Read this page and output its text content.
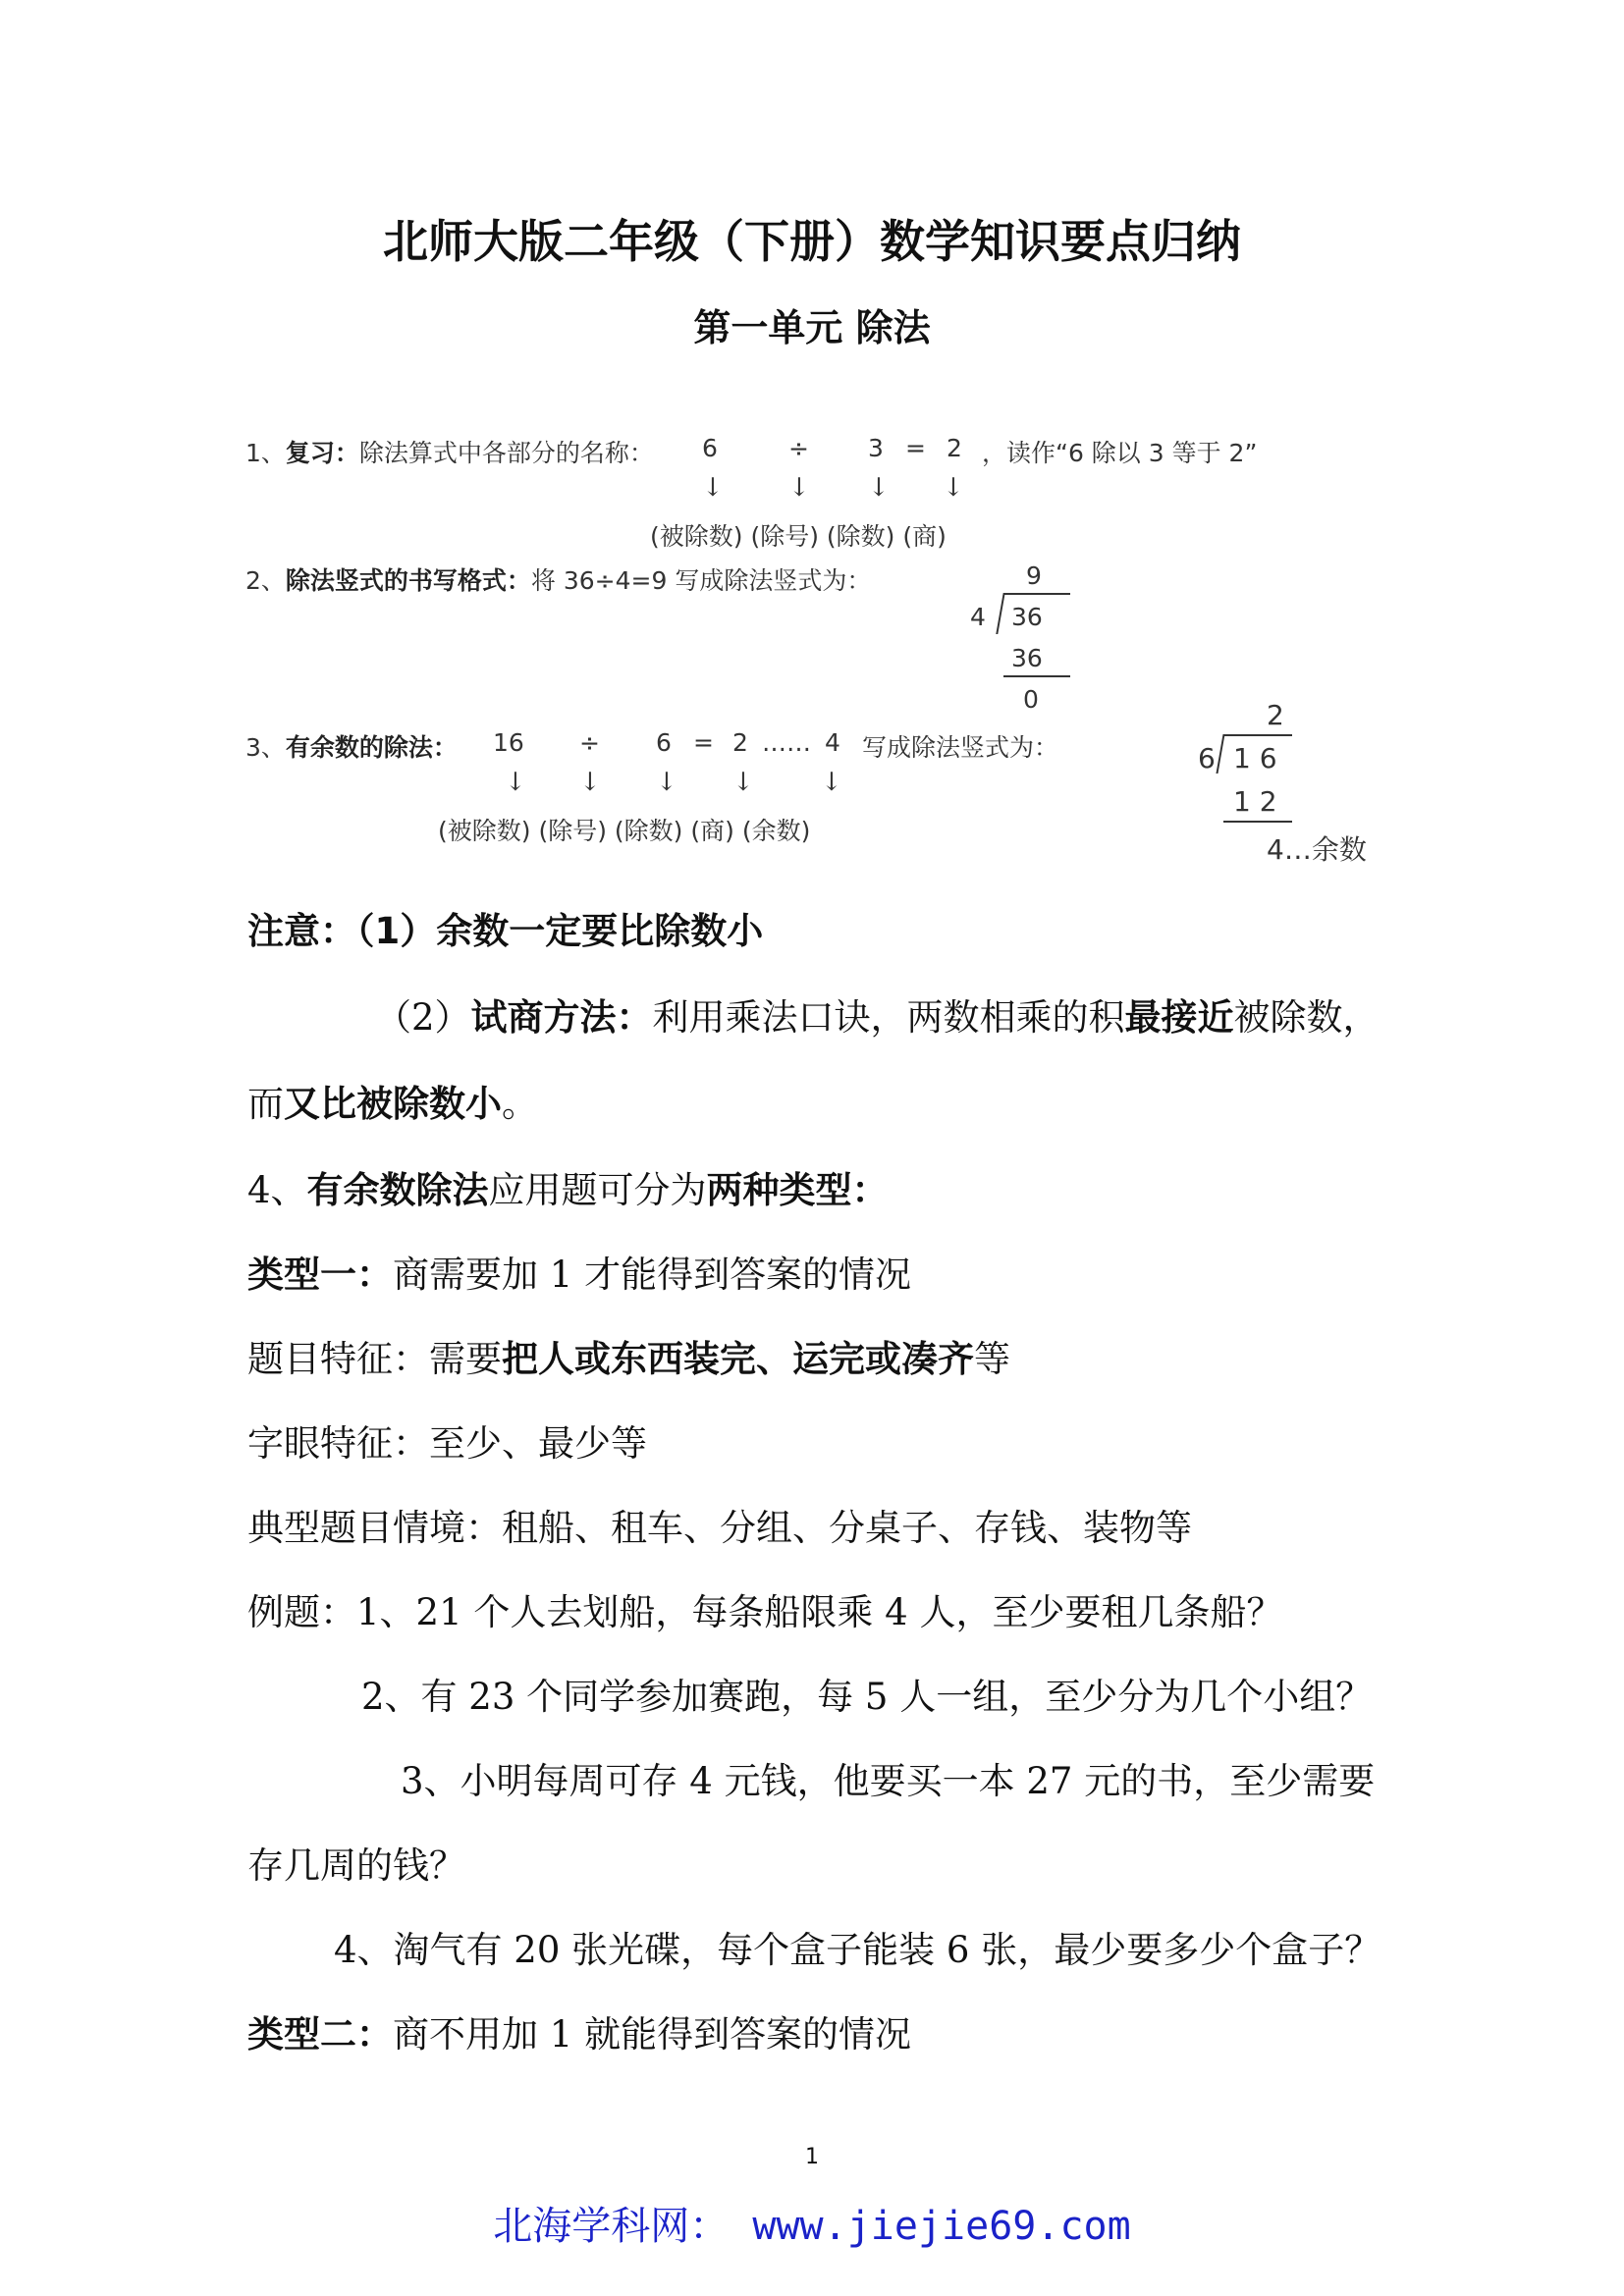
北师大版二年级（下册）数学知识要点归纳
第一单元 除法
1、复习：除法算式中各部分的名称： 6	÷ 3 = 2 ，读作“6 除以 3 等于 2”
↓	↓ ↓ ↓
(被除数) (除号) (除数) (商)
2、除法竖式的书写格式：将 36÷4=9 写成除法竖式为：	9
4 36
36
0
3、有余数的除法： 16 ÷ 6 = 2 …… 4 写成除法竖式为：
↓ ↓ ↓ ↓	↓
(被除数) (除号) (除数) (商) (余数)
2
6 1 6
1 2
4…余数
注意：（1）余数一定要比除数小
（2）试商方法：利用乘法口诀，两数相乘的积最接近被除数，
而又比被除数小。
4、有余数除法应用题可分为两种类型：
类型一：商需要加 1 才能得到答案的情况
题目特征：需要把人或东西装完、运完或凑齐等
字眼特征：至少、最少等
典型题目情境：租船、租车、分组、分桌子、存钱、装物等
例题：1、21 个人去划船，每条船限乘 4 人，至少要租几条船？
2、有 23 个同学参加赛跑，每 5 人一组，至少分为几个小组？
3、小明每周可存 4 元钱，他要买一本 27 元的书，至少需要
存几周的钱？
4、淘气有 20 张光碟，每个盒子能装 6 张，最少要多少个盒子？
类型二：商不用加 1 就能得到答案的情况
1
北海学科网： www.jiejie69.com
